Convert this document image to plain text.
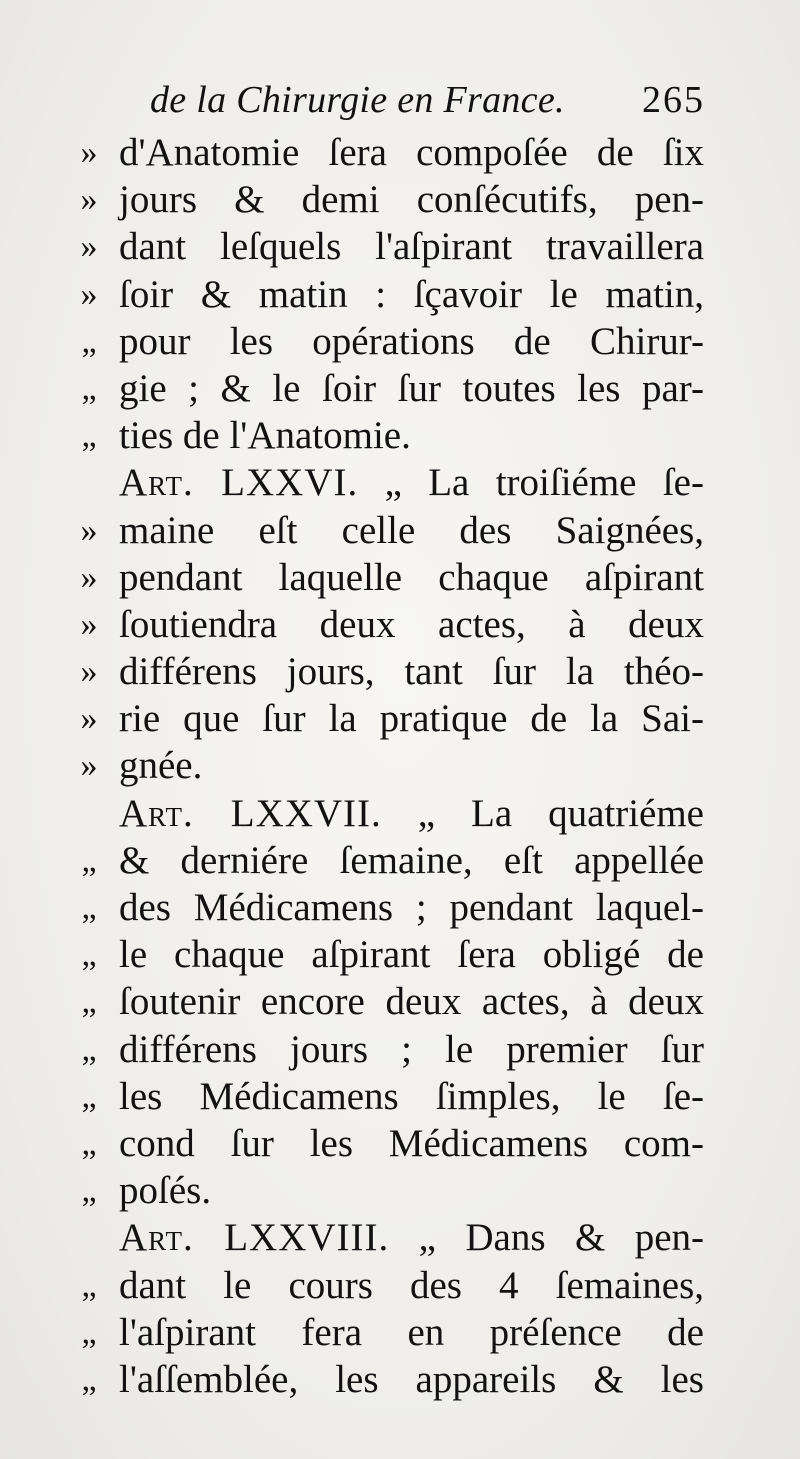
de la Chirurgie en France. 265
» d'Anatomie ſera compoſée de ſix
» jours & demi conſécutifs, pen-
» dant leſquels l'aſpirant travaillera
» ſoir & matin : ſçavoir le matin,
„ pour les opérations de Chirur-
„ gie ; & le ſoir ſur toutes les par-
„ ties de l'Anatomie.
Art. LXXVI. „ La troiſiéme ſe-
» maine eſt celle des Saignées,
» pendant laquelle chaque aſpirant
» ſoutiendra deux actes, à deux
» différens jours, tant ſur la théo-
» rie que ſur la pratique de la Sai-
» gnée.
Art. LXXVII. „ La quatriéme
„ & derniére ſemaine, eſt appellée
„ des Médicamens ; pendant laquel-
„ le chaque aſpirant ſera obligé de
„ ſoutenir encore deux actes, à deux
„ différens jours ; le premier ſur
„ les Médicamens ſimples, le ſe-
„ cond ſur les Médicamens com-
„ poſés.
Art. LXXVIII. „ Dans & pen-
„ dant le cours des 4 ſemaines,
„ l'aſpirant fera en préſence de
„ l'aſſemblée, les appareils & les
